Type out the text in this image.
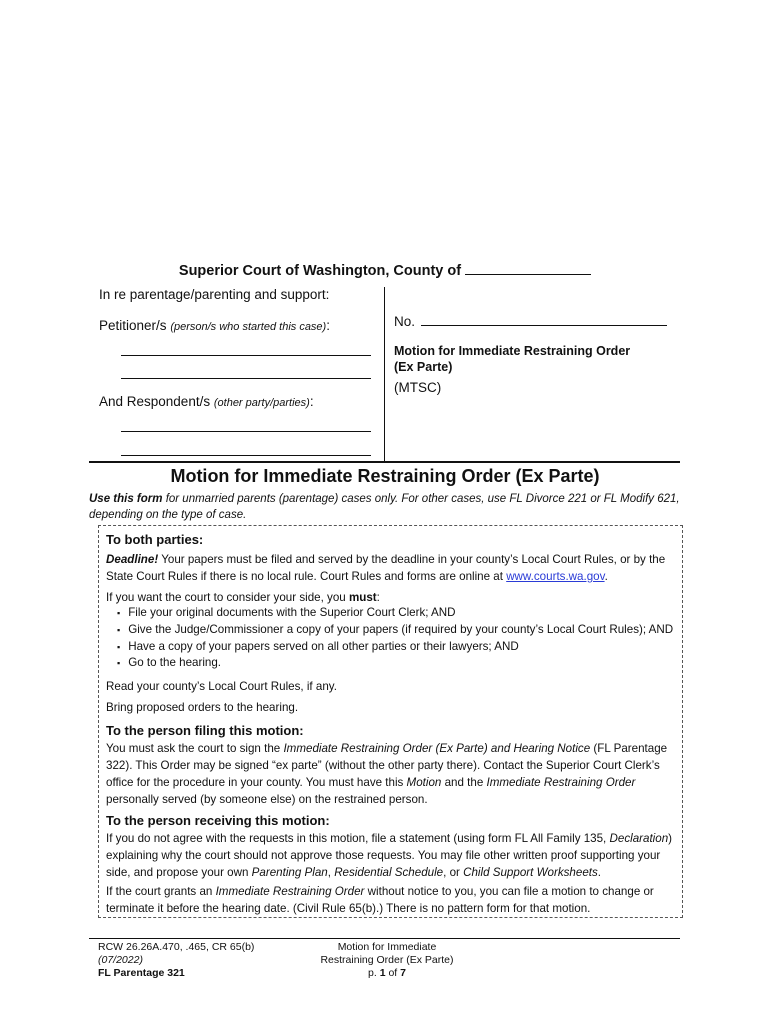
Superior Court of Washington, County of
In re parentage/parenting and support:
Petitioner/s (person/s who started this case):
And Respondent/s (other party/parties):
No.
Motion for Immediate Restraining Order
(Ex Parte)
(MTSC)
Motion for Immediate Restraining Order (Ex Parte)
Use this form for unmarried parents (parentage) cases only. For other cases, use FL Divorce 221 or FL Modify 621, depending on the type of case.
To both parties:
Deadline! Your papers must be filed and served by the deadline in your county’s Local Court Rules, or by the State Court Rules if there is no local rule. Court Rules and forms are online at www.courts.wa.gov.
If you want the court to consider your side, you must:
▪ File your original documents with the Superior Court Clerk; AND
▪ Give the Judge/Commissioner a copy of your papers (if required by your county’s Local Court Rules); AND
▪ Have a copy of your papers served on all other parties or their lawyers; AND
▪ Go to the hearing.
Read your county’s Local Court Rules, if any.
Bring proposed orders to the hearing.
To the person filing this motion:
You must ask the court to sign the Immediate Restraining Order (Ex Parte) and Hearing Notice (FL Parentage 322). This Order may be signed “ex parte” (without the other party there). Contact the Superior Court Clerk’s office for the procedure in your county. You must have this Motion and the Immediate Restraining Order personally served (by someone else) on the restrained person.
To the person receiving this motion:
If you do not agree with the requests in this motion, file a statement (using form FL All Family 135, Declaration) explaining why the court should not approve those requests. You may file other written proof supporting your side, and propose your own Parenting Plan, Residential Schedule, or Child Support Worksheets.
If the court grants an Immediate Restraining Order without notice to you, you can file a motion to change or terminate it before the hearing date. (Civil Rule 65(b).) There is no pattern form for that motion.
RCW 26.26A.470, .465, CR 65(b)
(07/2022)
FL Parentage 321
Motion for Immediate
Restraining Order (Ex Parte)
p. 1 of 7
